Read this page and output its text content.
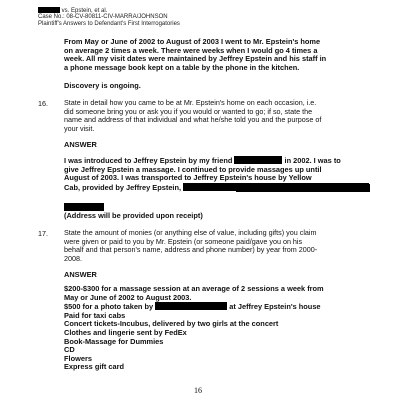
vs. Epstein, et al.
Case No.: 08-CV-80811-CIV-MARRA/JOHNSON
Plaintiff's Answers to Defendant's First Interrogatories
From May or June of 2002 to August of 2003 I went to Mr. Epstein's home
on average 2 times a week. There were weeks when I would go 4 times a
week. All my visit dates were maintained by Jeffrey Epstein and his staff in
a phone message book kept on a table by the phone in the kitchen.
Discovery is ongoing.
16. State in detail how you came to be at Mr. Epstein's home on each occasion, i.e.
did someone bring you or ask you if you would or wanted to go; if so, state the
name and address of that individual and what he/she told you and the purpose of
your visit.
ANSWER
I was introduced to Jeffrey Epstein by my friend	in 2002. I was to
give Jeffrey Epstein a massage. I continued to provide massages up until
August of 2003. I was transported to Jeffrey Epstein's house by Yellow
Cab, provided by Jeffrey Epstein,
(Address will be provided upon receipt)
17. State the amount of monies (or anything else of value, including gifts) you claim
were given or paid to you by Mr. Epstein (or someone paid/gave you on his
behalf and that person's name, address and phone number) by year from 2000-
2008.
ANSWER
$200-$300 for a massage session at an average of 2 sessions a week from
May or June of 2002 to August 2003.
$500 for a photo taken by	at Jeffrey Epstein's house
Paid for taxi cabs
Concert tickets-Incubus, delivered by two girls at the concert
Clothes and lingerie sent by FedEx
Book-Massage for Dummies
CD
Flowers
Express gift card
16
